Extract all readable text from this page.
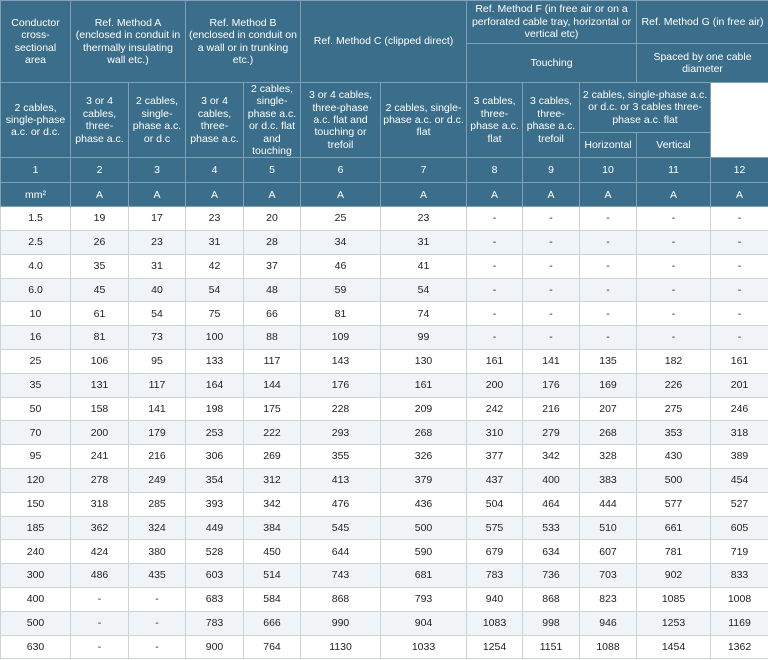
Conductor cross-sectional area	Ref. Method A (enclosed in conduit in thermally insulating wall etc.)		Ref. Method B (enclosed in conduit on a wall or in trunking etc.)		Ref. Method C (clipped direct)		Ref. Method F (in free air or on a perforated cable tray, horizontal or vertical etc)			Ref. Method G (in free air)	
							Touching			Spaced by one cable diameter	

2 cables, single-phase a.c. or d.c.	3 or 4 cables, three-phase a.c.	2 cables, single-phase a.c. or d.c	3 or 4 cables, three-phase a.c.	2 cables, single-phase a.c. or d.c. flat and touching	3 or 4 cables, three-phase a.c. flat and touching or trefoil	2 cables, single-phase a.c. or d.c. flat	3 cables, three-phase a.c. flat	3 cables, three-phase a.c. trefoil	2 cables, single-phase a.c. or d.c. or 3 cables three-phase a.c. flat		
									Horizontal	Vertical	
1	2	3	4	5	6	7	8	9	10	11	12
mm²	A	A	A	A	A	A	A	A	A	A	A
1.5	19	17	23	20	25	23	-	-	-	-	-
2.5	26	23	31	28	34	31	-	-	-	-	-
4.0	35	31	42	37	46	41	-	-	-	-	-
6.0	45	40	54	48	59	54	-	-	-	-	-
10	61	54	75	66	81	74	-	-	-	-	-
16	81	73	100	88	109	99	-	-	-	-	-
25	106	95	133	117	143	130	161	141	135	182	161
35	131	117	164	144	176	161	200	176	169	226	201
50	158	141	198	175	228	209	242	216	207	275	246
70	200	179	253	222	293	268	310	279	268	353	318
95	241	216	306	269	355	326	377	342	328	430	389
120	278	249	354	312	413	379	437	400	383	500	454
150	318	285	393	342	476	436	504	464	444	577	527
185	362	324	449	384	545	500	575	533	510	661	605
240	424	380	528	450	644	590	679	634	607	781	719
300	486	435	603	514	743	681	783	736	703	902	833
400	-	-	683	584	868	793	940	868	823	1085	1008
500	-	-	783	666	990	904	1083	998	946	1253	1169
630	-	-	900	764	1130	1033	1254	1151	1088	1454	1362
